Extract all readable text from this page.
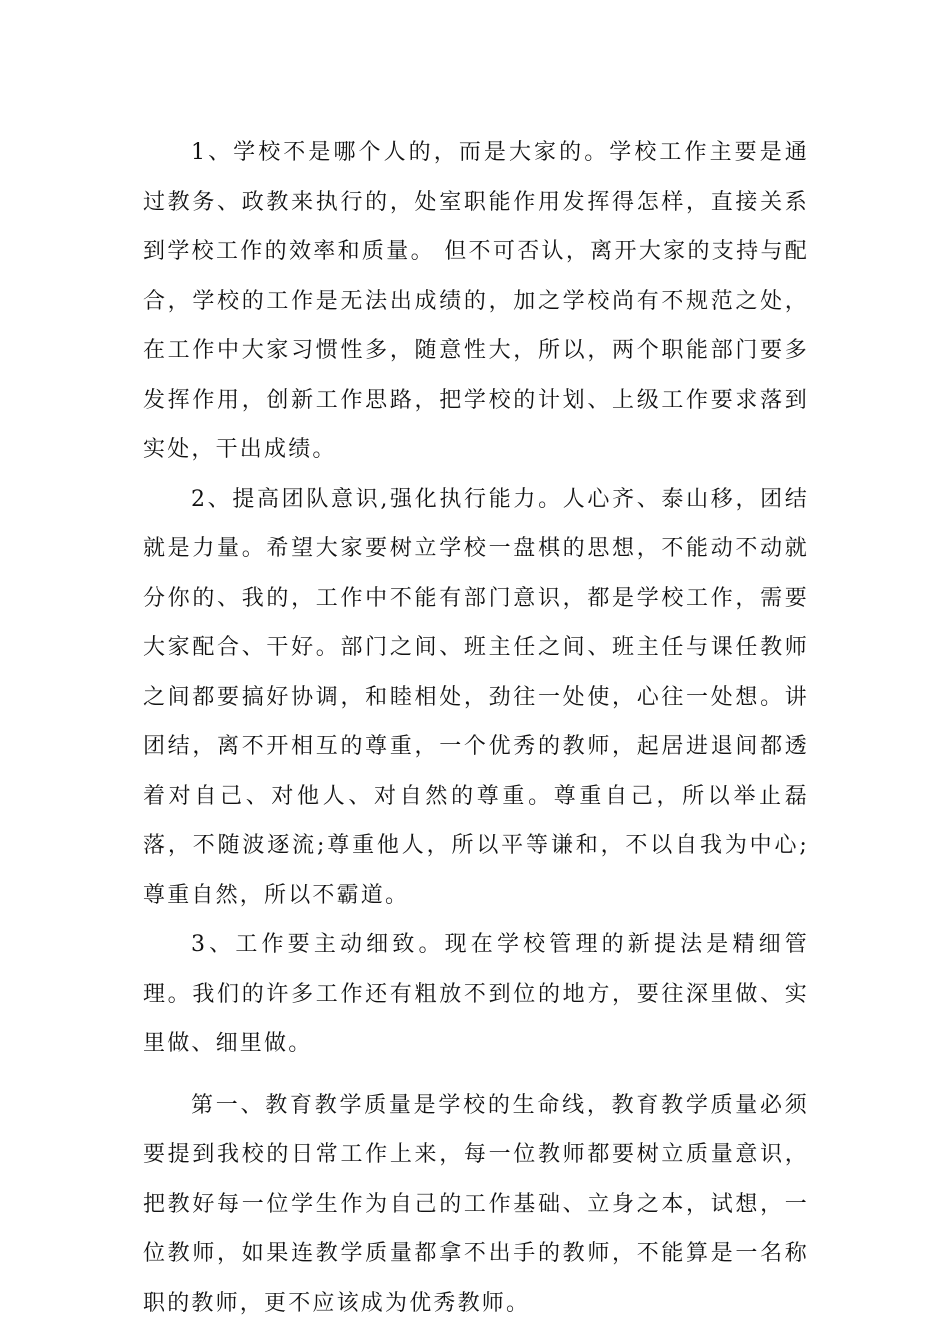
1、学校不是哪个人的，而是大家的。学校工作主要是通过教务、政教来执行的，处室职能作用发挥得怎样，直接关系到学校工作的效率和质量。 但不可否认，离开大家的支持与配合，学校的工作是无法出成绩的，加之学校尚有不规范之处，在工作中大家习惯性多，随意性大，所以，两个职能部门要多发挥作用，创新工作思路，把学校的计划、上级工作要求落到实处，干出成绩。

2、提高团队意识,强化执行能力。人心齐、泰山移，团结就是力量。希望大家要树立学校一盘棋的思想，不能动不动就分你的、我的，工作中不能有部门意识，都是学校工作，需要大家配合、干好。部门之间、班主任之间、班主任与课任教师之间都要搞好协调，和睦相处，劲往一处使，心往一处想。讲团结，离不开相互的尊重，一个优秀的教师，起居进退间都透着对自己、对他人、对自然的尊重。尊重自己，所以举止磊落，不随波逐流;尊重他人，所以平等谦和，不以自我为中心;尊重自然，所以不霸道。

3、工作要主动细致。现在学校管理的新提法是精细管理。我们的许多工作还有粗放不到位的地方，要往深里做、实里做、细里做。

第一、教育教学质量是学校的生命线，教育教学质量必须要提到我校的日常工作上来，每一位教师都要树立质量意识，把教好每一位学生作为自己的工作基础、立身之本，试想，一位教师，如果连教学质量都拿不出手的教师，不能算是一名称职的教师，更不应该成为优秀教师。
